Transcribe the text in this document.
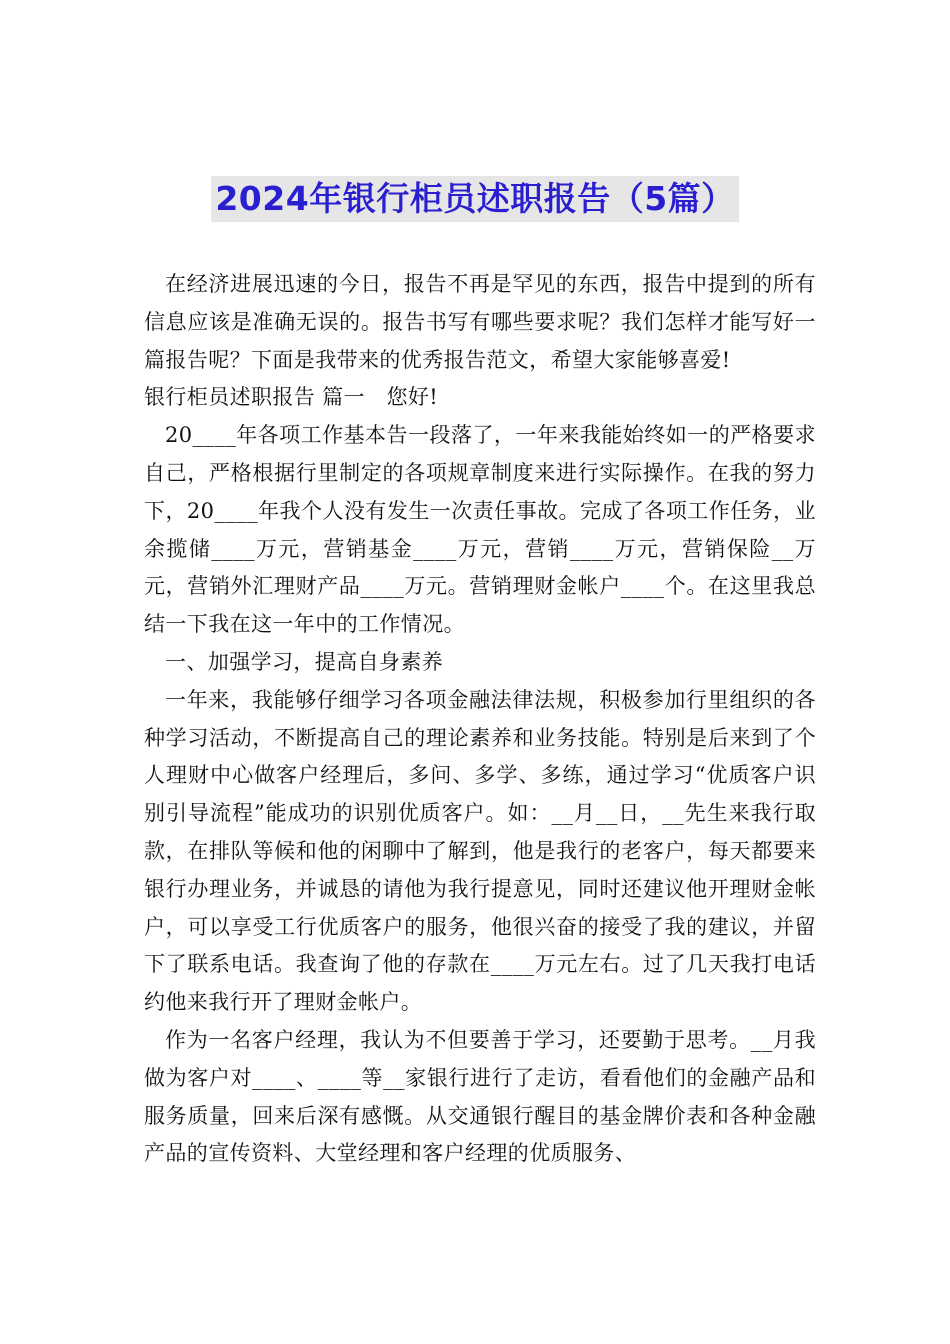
2024年银行柜员述职报告（5篇）

在经济进展迅速的今日，报告不再是罕见的东西，报告中提到的所有信息应该是准确无误的。报告书写有哪些要求呢？我们怎样才能写好一篇报告呢？下面是我带来的优秀报告范文，希望大家能够喜爱!

银行柜员述职报告 篇一　您好!

20____年各项工作基本告一段落了，一年来我能始终如一的严格要求自己，严格根据行里制定的各项规章制度来进行实际操作。在我的努力下，20____年我个人没有发生一次责任事故。完成了各项工作任务，业余揽储____万元，营销基金____万元，营销____万元，营销保险__万元，营销外汇理财产品____万元。营销理财金帐户____个。在这里我总结一下我在这一年中的工作情况。

一、加强学习，提高自身素养

一年来，我能够仔细学习各项金融法律法规，积极参加行里组织的各种学习活动，不断提高自己的理论素养和业务技能。特别是后来到了个人理财中心做客户经理后，多问、多学、多练，通过学习“优质客户识别引导流程”能成功的识别优质客户。如：__月__日，__先生来我行取款，在排队等候和他的闲聊中了解到，他是我行的老客户，每天都要来银行办理业务，并诚恳的请他为我行提意见，同时还建议他开理财金帐户，可以享受工行优质客户的服务，他很兴奋的接受了我的建议，并留下了联系电话。我查询了他的存款在____万元左右。过了几天我打电话约他来我行开了理财金帐户。

作为一名客户经理，我认为不但要善于学习，还要勤于思考。__月我做为客户对____、____等__家银行进行了走访，看看他们的金融产品和服务质量，回来后深有感慨。从交通银行醒目的基金牌价表和各种金融产品的宣传资料、大堂经理和客户经理的优质服务、
